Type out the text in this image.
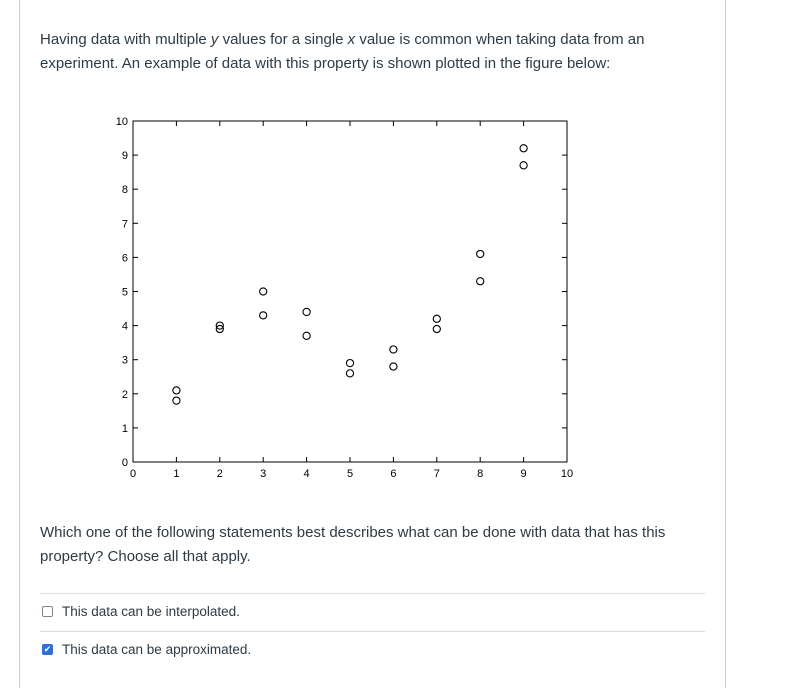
Having data with multiple y values for a single x value is common when taking data from an experiment. An example of data with this property is shown plotted in the figure below:

0	1	2	3	4	5	6	7	8	9	10
0
1
2
3
4
5
6
7
8
9
10

Which one of the following statements best describes what can be done with data that has this property? Choose all that apply.

This data can be interpolated.
✔ This data can be approximated.
